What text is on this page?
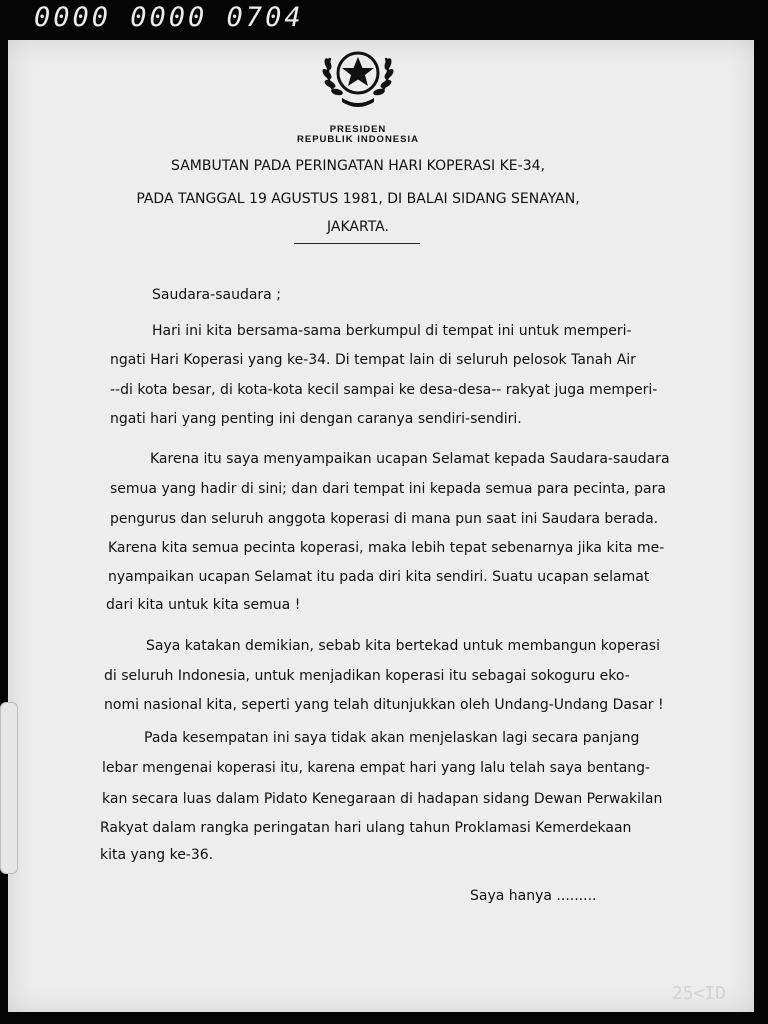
0000 0000 0704
PRESIDEN
REPUBLIK INDONESIA
SAMBUTAN PADA PERINGATAN HARI KOPERASI KE-34,
PADA TANGGAL 19 AGUSTUS 1981, DI BALAI SIDANG SENAYAN,
JAKARTA.
Saudara-saudara ;
Hari ini kita bersama-sama berkumpul di tempat ini untuk memperi-
ngati Hari Koperasi yang ke-34. Di tempat lain di seluruh pelosok Tanah Air
--di kota besar, di kota-kota kecil sampai ke desa-desa-- rakyat juga memperi-
ngati hari yang penting ini dengan caranya sendiri-sendiri.
Karena itu saya menyampaikan ucapan Selamat kepada Saudara-saudara
semua yang hadir di sini; dan dari tempat ini kepada semua para pecinta, para
pengurus dan seluruh anggota koperasi di mana pun saat ini Saudara berada.
Karena kita semua pecinta koperasi, maka lebih tepat sebenarnya jika kita me-
nyampaikan ucapan Selamat itu pada diri kita sendiri. Suatu ucapan selamat
dari kita untuk kita semua !
Saya katakan demikian, sebab kita bertekad untuk membangun koperasi
di seluruh Indonesia, untuk menjadikan koperasi itu sebagai sokoguru eko-
nomi nasional kita, seperti yang telah ditunjukkan oleh Undang-Undang Dasar !
Pada kesempatan ini saya tidak akan menjelaskan lagi secara panjang
lebar mengenai koperasi itu, karena empat hari yang lalu telah saya bentang-
kan secara luas dalam Pidato Kenegaraan di hadapan sidang Dewan Perwakilan
Rakyat dalam rangka peringatan hari ulang tahun Proklamasi Kemerdekaan
kita yang ke-36.
Saya hanya .........
25<ID
